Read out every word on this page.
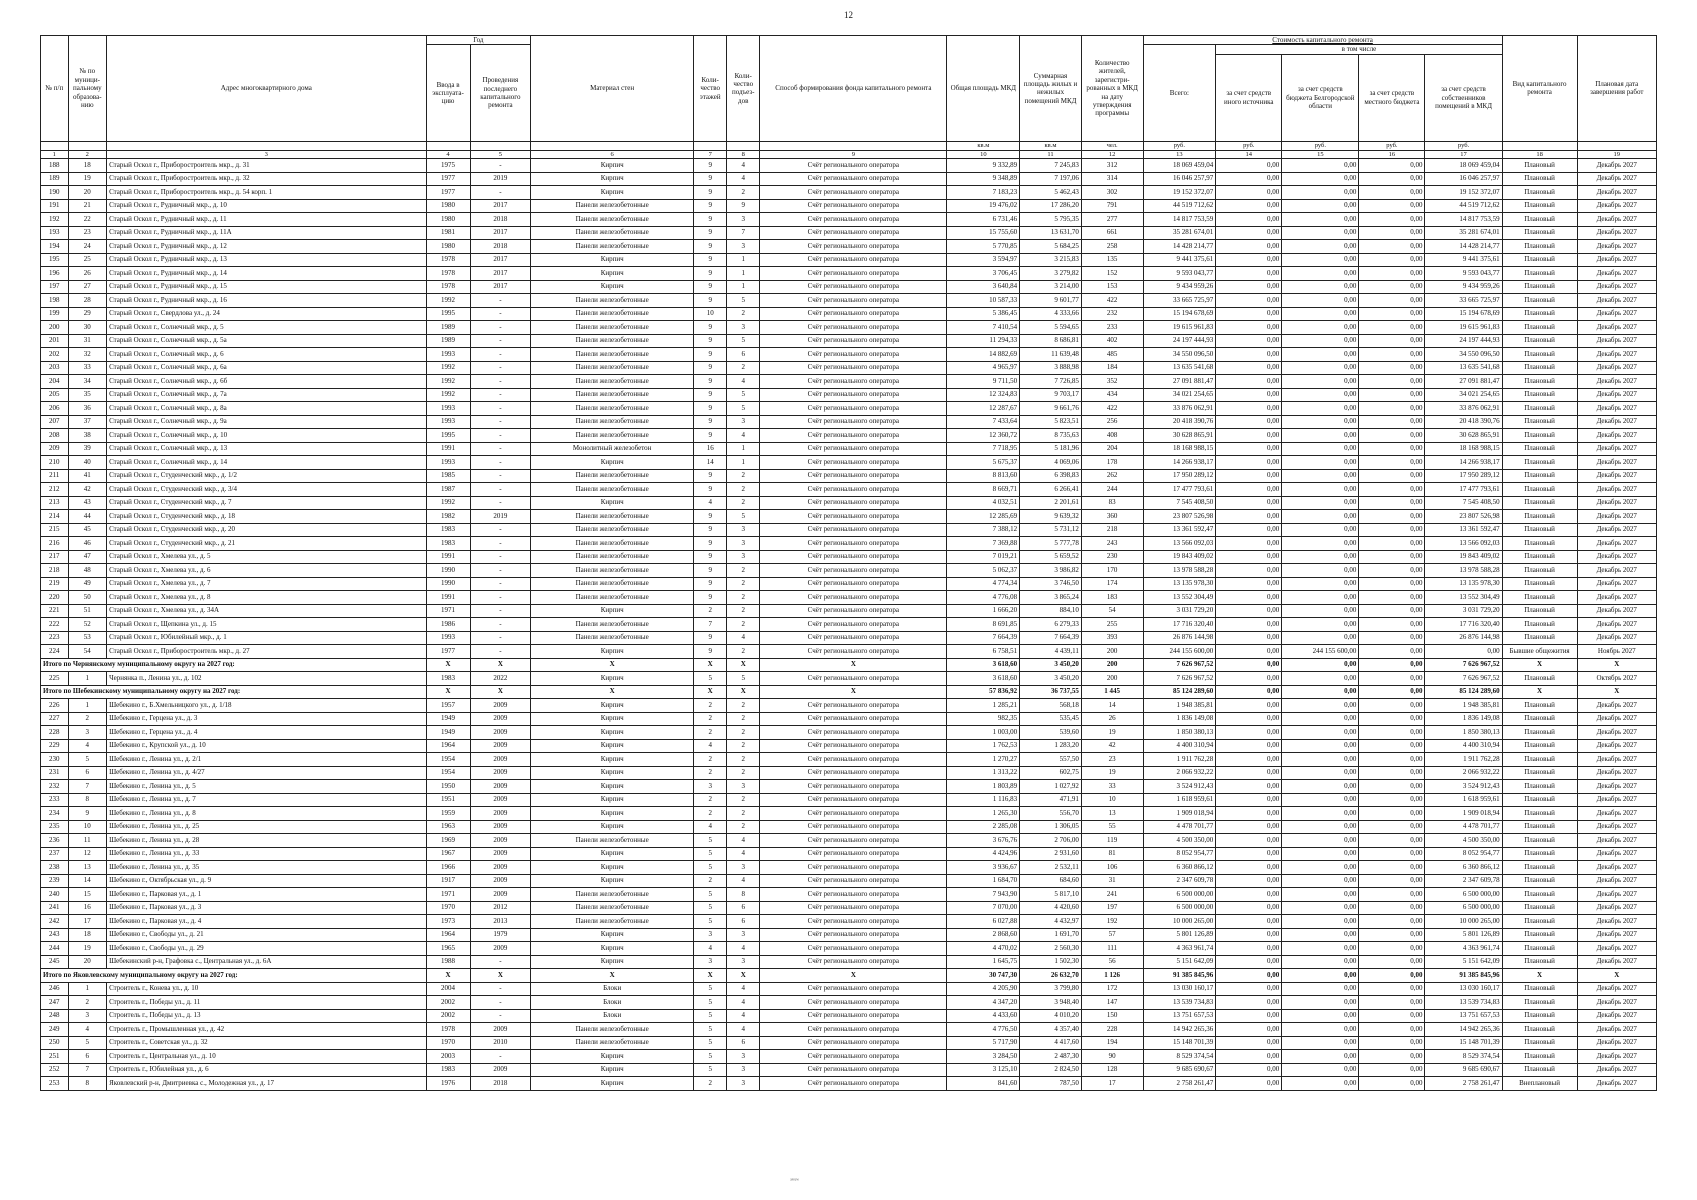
12
№ п/п	№ по муници-пальному образова-нию	Адрес многоквартирного дома	Год		Материал стен	Коли-чество этажей	Коли-чество подъез-дов	Способ формирования фонда капитального ремонта	Общая площадь МКД	Суммарная площадь жилых и нежилых помещений МКД	Количество жителей, зарегистри-рованных в МКД на дату утверждения программы	Стоимость капитального ремонта					Вид капитального ремонта	Плановая дата завершения работ
			Ввода в эксплуата-цию	Проведения последнего капитального ремонта								Всего:	в том числе					
													за счет средств иного источника	за счет средств бюджета Белгородской области	за счет средств местного бюджета	за счет средств собственников помещений в МКД		
									кв.м	кв.м	чел.	руб.	руб.	руб.	руб.	руб.		
1	2	3	4	5	6	7	8	9	10	11	12	13	14	15	16	17	18	19
188	18	Старый Оскол г., Приборостроитель мкр., д. 31	1975	-	Кирпич	9	4	Счёт регионального оператора	9 332,89	7 245,83	312	18 069 459,04	0,00	0,00	0,00	18 069 459,04	Плановый	Декабрь 2027
189	19	Старый Оскол г., Приборостроитель мкр., д. 32	1977	2019	Кирпич	9	4	Счёт регионального оператора	9 348,89	7 197,06	314	16 046 257,97	0,00	0,00	0,00	16 046 257,97	Плановый	Декабрь 2027
190	20	Старый Оскол г., Приборостроитель мкр., д. 54 корп. 1	1977	-	Кирпич	9	2	Счёт регионального оператора	7 183,23	5 462,43	302	19 152 372,07	0,00	0,00	0,00	19 152 372,07	Плановый	Декабрь 2027
191	21	Старый Оскол г., Рудничный мкр., д. 10	1980	2017	Панели железобетонные	9	9	Счёт регионального оператора	19 476,02	17 286,20	791	44 519 712,62	0,00	0,00	0,00	44 519 712,62	Плановый	Декабрь 2027
192	22	Старый Оскол г., Рудничный мкр., д. 11	1980	2018	Панели железобетонные	9	3	Счёт регионального оператора	6 731,46	5 795,35	277	14 817 753,59	0,00	0,00	0,00	14 817 753,59	Плановый	Декабрь 2027
193	23	Старый Оскол г., Рудничный мкр., д. 11А	1981	2017	Панели железобетонные	9	7	Счёт регионального оператора	15 755,60	13 631,70	661	35 281 674,01	0,00	0,00	0,00	35 281 674,01	Плановый	Декабрь 2027
194	24	Старый Оскол г., Рудничный мкр., д. 12	1980	2018	Панели железобетонные	9	3	Счёт регионального оператора	5 770,85	5 684,25	258	14 428 214,77	0,00	0,00	0,00	14 428 214,77	Плановый	Декабрь 2027
195	25	Старый Оскол г., Рудничный мкр., д. 13	1978	2017	Кирпич	9	1	Счёт регионального оператора	3 594,97	3 215,83	135	9 441 375,61	0,00	0,00	0,00	9 441 375,61	Плановый	Декабрь 2027
196	26	Старый Оскол г., Рудничный мкр., д. 14	1978	2017	Кирпич	9	1	Счёт регионального оператора	3 706,45	3 279,82	152	9 593 043,77	0,00	0,00	0,00	9 593 043,77	Плановый	Декабрь 2027
197	27	Старый Оскол г., Рудничный мкр., д. 15	1978	2017	Кирпич	9	1	Счёт регионального оператора	3 640,84	3 214,00	153	9 434 959,26	0,00	0,00	0,00	9 434 959,26	Плановый	Декабрь 2027
198	28	Старый Оскол г., Рудничный мкр., д. 16	1992	-	Панели железобетонные	9	5	Счёт регионального оператора	10 587,33	9 601,77	422	33 665 725,97	0,00	0,00	0,00	33 665 725,97	Плановый	Декабрь 2027
199	29	Старый Оскол г., Свердлова ул., д. 24	1995	-	Панели железобетонные	10	2	Счёт регионального оператора	5 386,45	4 333,66	232	15 194 678,69	0,00	0,00	0,00	15 194 678,69	Плановый	Декабрь 2027
200	30	Старый Оскол г., Солнечный мкр., д. 5	1989	-	Панели железобетонные	9	3	Счёт регионального оператора	7 410,54	5 594,65	233	19 615 961,83	0,00	0,00	0,00	19 615 961,83	Плановый	Декабрь 2027
201	31	Старый Оскол г., Солнечный мкр., д. 5а	1989	-	Панели железобетонные	9	5	Счёт регионального оператора	11 294,33	8 686,81	402	24 197 444,93	0,00	0,00	0,00	24 197 444,93	Плановый	Декабрь 2027
202	32	Старый Оскол г., Солнечный мкр., д. 6	1993	-	Панели железобетонные	9	6	Счёт регионального оператора	14 882,69	11 639,48	485	34 550 096,50	0,00	0,00	0,00	34 550 096,50	Плановый	Декабрь 2027
203	33	Старый Оскол г., Солнечный мкр., д. 6а	1992	-	Панели железобетонные	9	2	Счёт регионального оператора	4 965,97	3 888,98	184	13 635 541,68	0,00	0,00	0,00	13 635 541,68	Плановый	Декабрь 2027
204	34	Старый Оскол г., Солнечный мкр., д. 6б	1992	-	Панели железобетонные	9	4	Счёт регионального оператора	9 711,50	7 726,85	352	27 091 881,47	0,00	0,00	0,00	27 091 881,47	Плановый	Декабрь 2027
205	35	Старый Оскол г., Солнечный мкр., д. 7а	1992	-	Панели железобетонные	9	5	Счёт регионального оператора	12 324,83	9 703,17	434	34 021 254,65	0,00	0,00	0,00	34 021 254,65	Плановый	Декабрь 2027
206	36	Старый Оскол г., Солнечный мкр., д. 8а	1993	-	Панели железобетонные	9	5	Счёт регионального оператора	12 287,67	9 661,76	422	33 876 062,91	0,00	0,00	0,00	33 876 062,91	Плановый	Декабрь 2027
207	37	Старый Оскол г., Солнечный мкр., д. 9а	1993	-	Панели железобетонные	9	3	Счёт регионального оператора	7 433,64	5 823,51	256	20 418 390,76	0,00	0,00	0,00	20 418 390,76	Плановый	Декабрь 2027
208	38	Старый Оскол г., Солнечный мкр., д. 10	1995	-	Панели железобетонные	9	4	Счёт регионального оператора	12 360,72	8 735,63	408	30 628 865,91	0,00	0,00	0,00	30 628 865,91	Плановый	Декабрь 2027
209	39	Старый Оскол г., Солнечный мкр., д. 13	1991	-	Монолитный железобетон	16	1	Счёт регионального оператора	7 718,95	5 181,96	204	18 168 988,15	0,00	0,00	0,00	18 168 988,15	Плановый	Декабрь 2027
210	40	Старый Оскол г., Солнечный мкр., д. 14	1993	-	Кирпич	14	1	Счёт регионального оператора	5 675,37	4 069,06	178	14 266 938,17	0,00	0,00	0,00	14 266 938,17	Плановый	Декабрь 2027
211	41	Старый Оскол г., Студенческий мкр., д. 1/2	1985	-	Панели железобетонные	9	2	Счёт регионального оператора	8 813,60	6 398,83	262	17 950 289,12	0,00	0,00	0,00	17 950 289,12	Плановый	Декабрь 2027
212	42	Старый Оскол г., Студенческий мкр., д. 3/4	1987	-	Панели железобетонные	9	2	Счёт регионального оператора	8 669,71	6 266,41	244	17 477 793,61	0,00	0,00	0,00	17 477 793,61	Плановый	Декабрь 2027
213	43	Старый Оскол г., Студенческий мкр., д. 7	1992	-	Кирпич	4	2	Счёт регионального оператора	4 032,51	2 201,61	83	7 545 408,50	0,00	0,00	0,00	7 545 408,50	Плановый	Декабрь 2027
214	44	Старый Оскол г., Студенческий мкр., д. 18	1982	2019	Панели железобетонные	9	5	Счёт регионального оператора	12 285,69	9 639,32	360	23 807 526,98	0,00	0,00	0,00	23 807 526,98	Плановый	Декабрь 2027
215	45	Старый Оскол г., Студенческий мкр., д. 20	1983	-	Панели железобетонные	9	3	Счёт регионального оператора	7 388,12	5 731,12	218	13 361 592,47	0,00	0,00	0,00	13 361 592,47	Плановый	Декабрь 2027
216	46	Старый Оскол г., Студенческий мкр., д. 21	1983	-	Панели железобетонные	9	3	Счёт регионального оператора	7 369,88	5 777,78	243	13 566 092,03	0,00	0,00	0,00	13 566 092,03	Плановый	Декабрь 2027
217	47	Старый Оскол г., Хмелева ул., д. 5	1991	-	Панели железобетонные	9	3	Счёт регионального оператора	7 019,21	5 659,52	230	19 843 409,02	0,00	0,00	0,00	19 843 409,02	Плановый	Декабрь 2027
218	48	Старый Оскол г., Хмелева ул., д. 6	1990	-	Панели железобетонные	9	2	Счёт регионального оператора	5 062,37	3 986,82	170	13 978 588,28	0,00	0,00	0,00	13 978 588,28	Плановый	Декабрь 2027
219	49	Старый Оскол г., Хмелева ул., д. 7	1990	-	Панели железобетонные	9	2	Счёт регионального оператора	4 774,34	3 746,50	174	13 135 978,30	0,00	0,00	0,00	13 135 978,30	Плановый	Декабрь 2027
220	50	Старый Оскол г., Хмелева ул., д. 8	1991	-	Панели железобетонные	9	2	Счёт регионального оператора	4 776,08	3 865,24	183	13 552 304,49	0,00	0,00	0,00	13 552 304,49	Плановый	Декабрь 2027
221	51	Старый Оскол г., Хмелева ул., д. 34А	1971	-	Кирпич	2	2	Счёт регионального оператора	1 666,20	884,10	54	3 031 729,20	0,00	0,00	0,00	3 031 729,20	Плановый	Декабрь 2027
222	52	Старый Оскол г., Щепкина ул., д. 15	1986	-	Панели железобетонные	7	2	Счёт регионального оператора	8 691,85	6 279,33	255	17 716 320,40	0,00	0,00	0,00	17 716 320,40	Плановый	Декабрь 2027
223	53	Старый Оскол г., Юбилейный мкр., д. 1	1993	-	Панели железобетонные	9	4	Счёт регионального оператора	7 664,39	7 664,39	393	26 876 144,98	0,00	0,00	0,00	26 876 144,98	Плановый	Декабрь 2027
224	54	Старый Оскол г., Приборостроитель мкр., д. 27	1977	-	Кирпич	9	2	Счёт регионального оператора	6 758,51	4 439,11	200	244 155 600,00	0,00	244 155 600,00	0,00	0,00	Бывшие общежития	Ноябрь 2027
Итого по Чернянскому муниципальному округу на 2027 год:			X	X	X	X	X	X	3 618,60	3 450,20	200	7 626 967,52	0,00	0,00	0,00	7 626 967,52	X	X
225	1	Чернянка п., Ленина ул., д. 102	1983	2022	Кирпич	5	5	Счёт регионального оператора	3 618,60	3 450,20	200	7 626 967,52	0,00	0,00	0,00	7 626 967,52	Плановый	Октябрь 2027
Итого по Шебекинскому муниципальному округу на 2027 год:			X	X	X	X	X	X	57 836,92	36 737,55	1 445	85 124 289,60	0,00	0,00	0,00	85 124 289,60	X	X
226	1	Шебекино г., Б.Хмельницкого ул., д. 1/18	1957	2009	Кирпич	2	2	Счёт регионального оператора	1 285,21	568,18	14	1 948 385,81	0,00	0,00	0,00	1 948 385,81	Плановый	Декабрь 2027
227	2	Шебекино г., Герцена ул., д. 3	1949	2009	Кирпич	2	2	Счёт регионального оператора	982,35	535,45	26	1 836 149,08	0,00	0,00	0,00	1 836 149,08	Плановый	Декабрь 2027
228	3	Шебекино г., Герцена ул., д. 4	1949	2009	Кирпич	2	2	Счёт регионального оператора	1 003,00	539,60	19	1 850 380,13	0,00	0,00	0,00	1 850 380,13	Плановый	Декабрь 2027
229	4	Шебекино г., Крупской ул., д. 10	1964	2009	Кирпич	4	2	Счёт регионального оператора	1 762,53	1 283,20	42	4 400 310,94	0,00	0,00	0,00	4 400 310,94	Плановый	Декабрь 2027
230	5	Шебекино г., Ленина ул., д. 2/1	1954	2009	Кирпич	2	2	Счёт регионального оператора	1 270,27	557,50	23	1 911 762,28	0,00	0,00	0,00	1 911 762,28	Плановый	Декабрь 2027
231	6	Шебекино г., Ленина ул., д. 4/27	1954	2009	Кирпич	2	2	Счёт регионального оператора	1 313,22	602,75	19	2 066 932,22	0,00	0,00	0,00	2 066 932,22	Плановый	Декабрь 2027
232	7	Шебекино г., Ленина ул., д. 5	1950	2009	Кирпич	3	3	Счёт регионального оператора	1 803,89	1 027,92	33	3 524 912,43	0,00	0,00	0,00	3 524 912,43	Плановый	Декабрь 2027
233	8	Шебекино г., Ленина ул., д. 7	1951	2009	Кирпич	2	2	Счёт регионального оператора	1 116,83	471,91	10	1 618 959,61	0,00	0,00	0,00	1 618 959,61	Плановый	Декабрь 2027
234	9	Шебекино г., Ленина ул., д. 8	1959	2009	Кирпич	2	2	Счёт регионального оператора	1 265,30	556,70	13	1 909 018,94	0,00	0,00	0,00	1 909 018,94	Плановый	Декабрь 2027
235	10	Шебекино г., Ленина ул., д. 25	1963	2009	Кирпич	4	2	Счёт регионального оператора	2 285,08	1 306,05	55	4 478 701,77	0,00	0,00	0,00	4 478 701,77	Плановый	Декабрь 2027
236	11	Шебекино г., Ленина ул., д. 28	1969	2009	Панели железобетонные	5	4	Счёт регионального оператора	3 676,76	2 706,00	119	4 500 350,00	0,00	0,00	0,00	4 500 350,00	Плановый	Декабрь 2027
237	12	Шебекино г., Ленина ул., д. 33	1967	2009	Кирпич	5	4	Счёт регионального оператора	4 424,96	2 931,60	81	8 052 954,77	0,00	0,00	0,00	8 052 954,77	Плановый	Декабрь 2027
238	13	Шебекино г., Ленина ул., д. 35	1966	2009	Кирпич	5	3	Счёт регионального оператора	3 936,67	2 532,11	106	6 360 866,12	0,00	0,00	0,00	6 360 866,12	Плановый	Декабрь 2027
239	14	Шебекино г., Октябрьская ул., д. 9	1917	2009	Кирпич	2	4	Счёт регионального оператора	1 684,70	684,60	31	2 347 609,78	0,00	0,00	0,00	2 347 609,78	Плановый	Декабрь 2027
240	15	Шебекино г., Парковая ул., д. 1	1971	2009	Панели железобетонные	5	8	Счёт регионального оператора	7 943,90	5 817,10	241	6 500 000,00	0,00	0,00	0,00	6 500 000,00	Плановый	Декабрь 2027
241	16	Шебекино г., Парковая ул., д. 3	1970	2012	Панели железобетонные	5	6	Счёт регионального оператора	7 070,00	4 420,60	197	6 500 000,00	0,00	0,00	0,00	6 500 000,00	Плановый	Декабрь 2027
242	17	Шебекино г., Парковая ул., д. 4	1973	2013	Панели железобетонные	5	6	Счёт регионального оператора	6 027,88	4 432,97	192	10 000 265,00	0,00	0,00	0,00	10 000 265,00	Плановый	Декабрь 2027
243	18	Шебекино г., Свободы ул., д. 21	1964	1979	Кирпич	3	3	Счёт регионального оператора	2 868,60	1 691,70	57	5 801 126,89	0,00	0,00	0,00	5 801 126,89	Плановый	Декабрь 2027
244	19	Шебекино г., Свободы ул., д. 29	1965	2009	Кирпич	4	4	Счёт регионального оператора	4 470,02	2 560,30	111	4 363 961,74	0,00	0,00	0,00	4 363 961,74	Плановый	Декабрь 2027
245	20	Шебекинский р-н, Графовка с., Центральная ул., д. 6А	1988	-	Кирпич	3	3	Счёт регионального оператора	1 645,75	1 502,30	56	5 151 642,09	0,00	0,00	0,00	5 151 642,09	Плановый	Декабрь 2027
Итого по Яковлевскому муниципальному округу на 2027 год:			X	X	X	X	X	X	30 747,30	26 632,70	1 126	91 385 845,96	0,00	0,00	0,00	91 385 845,96	X	X
246	1	Строитель г., Конева ул., д. 10	2004	-	Блоки	5	4	Счёт регионального оператора	4 205,90	3 799,80	172	13 030 160,17	0,00	0,00	0,00	13 030 160,17	Плановый	Декабрь 2027
247	2	Строитель г., Победы ул., д. 11	2002	-	Блоки	5	4	Счёт регионального оператора	4 347,20	3 948,40	147	13 539 734,83	0,00	0,00	0,00	13 539 734,83	Плановый	Декабрь 2027
248	3	Строитель г., Победы ул., д. 13	2002	-	Блоки	5	4	Счёт регионального оператора	4 433,60	4 010,20	150	13 751 657,53	0,00	0,00	0,00	13 751 657,53	Плановый	Декабрь 2027
249	4	Строитель г., Промышленная ул., д. 42	1978	2009	Панели железобетонные	5	4	Счёт регионального оператора	4 776,50	4 357,40	228	14 942 265,36	0,00	0,00	0,00	14 942 265,36	Плановый	Декабрь 2027
250	5	Строитель г., Советская ул., д. 32	1970	2010	Панели железобетонные	5	6	Счёт регионального оператора	5 717,90	4 417,60	194	15 148 701,39	0,00	0,00	0,00	15 148 701,39	Плановый	Декабрь 2027
251	6	Строитель г., Центральная ул., д. 10	2003	-	Кирпич	5	3	Счёт регионального оператора	3 284,50	2 487,30	90	8 529 374,54	0,00	0,00	0,00	8 529 374,54	Плановый	Декабрь 2027
252	7	Строитель г., Юбилейная ул., д. 6	1983	2009	Кирпич	5	3	Счёт регионального оператора	3 125,10	2 824,50	128	9 685 690,67	0,00	0,00	0,00	9 685 690,67	Плановый	Декабрь 2027
253	8	Яковлевский р-н, Дмитриевка с., Молодежная ул., д. 17	1976	2018	Кирпич	2	3	Счёт регионального оператора	841,60	787,50	17	2 758 261,47	0,00	0,00	0,00	2 758 261,47	Внеплановый	Декабрь 2027
ᵃᵊˢᵘʷ
